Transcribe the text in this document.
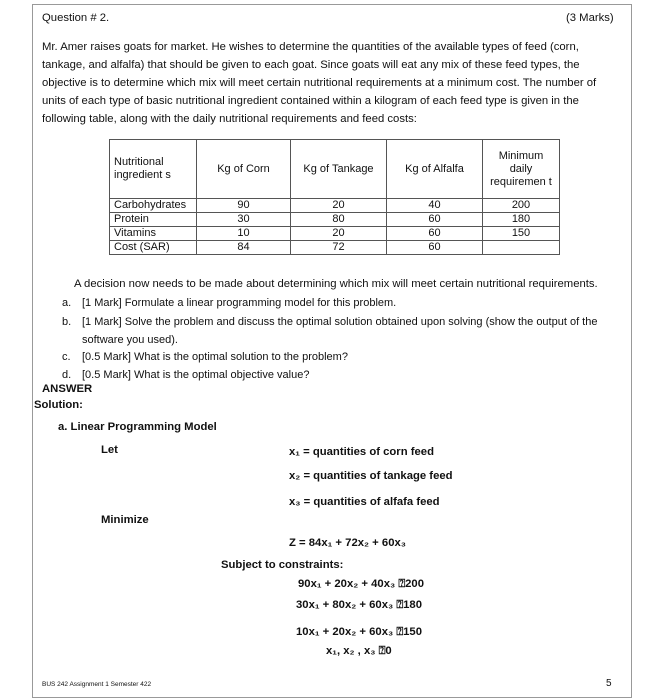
Question # 2.	(3 Marks)
Mr. Amer raises goats for market. He wishes to determine the quantities of the available types of feed (corn, tankage, and alfalfa) that should be given to each goat. Since goats will eat any mix of these feed types, the objective is to determine which mix will meet certain nutritional requirements at a minimum cost. The number of units of each type of basic nutritional ingredient contained within a kilogram of each feed type is given in the following table, along with the daily nutritional requirements and feed costs:
Nutritional ingredient s	Kg of Corn	Kg of Tankage	Kg of Alfalfa	Minimum daily requiremen t
Carbohydrates	90	20	40	200
Protein	30	80	60	180
Vitamins	10	20	60	150
Cost (SAR)	84	72	60	
A decision now needs to be made about determining which mix will meet certain nutritional requirements.
a. [1 Mark] Formulate a linear programming model for this problem.
b. [1 Mark] Solve the problem and discuss the optimal solution obtained upon solving (show the output of the software you used).
c. [0.5 Mark] What is the optimal solution to the problem?
d. [0.5 Mark] What is the optimal objective value?
ANSWER
Solution:
a. Linear Programming Model
Let	x₁ = quantities of corn feed
x₂ = quantities of tankage feed
x₃ = quantities of alfafa feed
Minimize
Z = 84x₁ + 72x₂ + 60x₃
Subject to constraints:
90x₁ + 20x₂ + 40x₃ ⍰200
30x₁ + 80x₂ + 60x₃ ⍰180
10x₁ + 20x₂ + 60x₃ ⍰150
x₁, x₂ , x₃ ⍰0
BUS 242 Assignment 1 Semester 422	5
